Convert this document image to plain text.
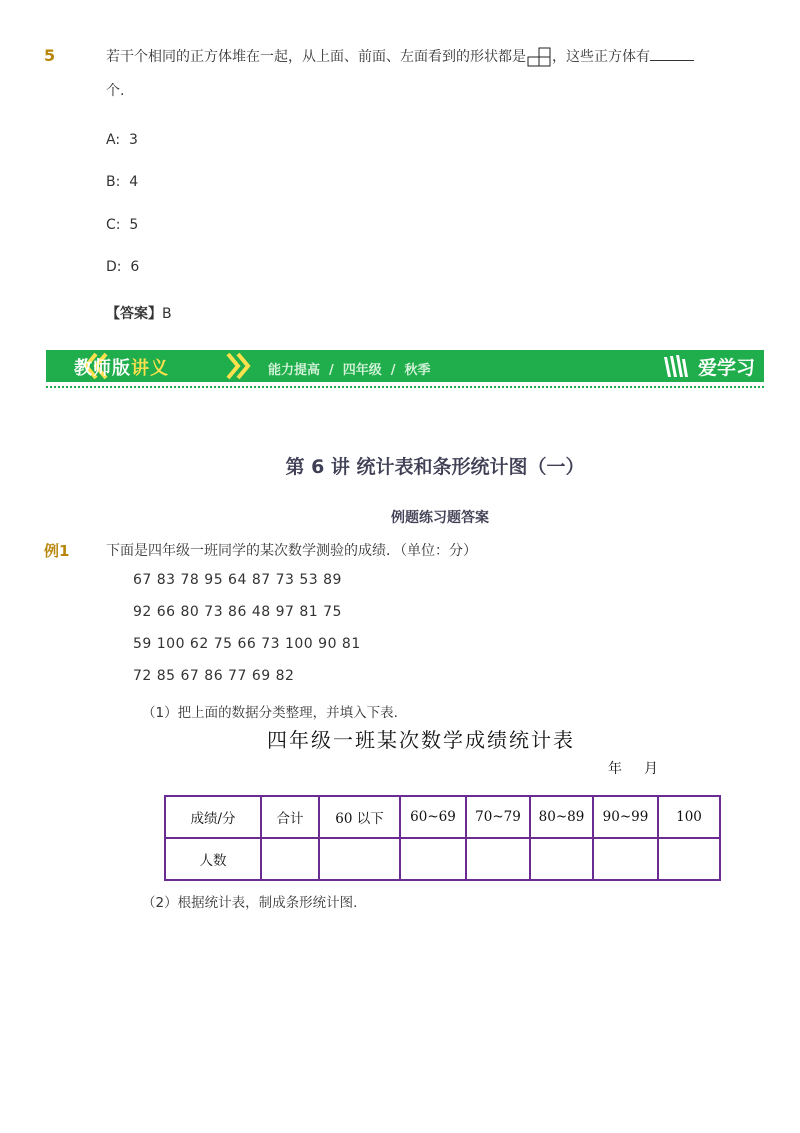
5	若干个相同的正方体堆在一起，从上面、前面、左面看到的形状都是 ，这些正方体有
个.
A: 3
B: 4
C: 5
D: 6
【答案】B
教师版讲义	能力提高 / 四年级 / 秋季	爱学习
第 6 讲 统计表和条形统计图（一）
例题练习题答案
例1	下面是四年级一班同学的某次数学测验的成绩．（单位：分）
67 83 78 95 64 87 73 53 89
92 66 80 73 86 48 97 81 75
59 100 62 75 66 73 100 90 81
72 85 67 86 77 69 82
（1）把上面的数据分类整理，并填入下表.
四年级一班某次数学成绩统计表
年 月
成绩/分	合计	60 以下	60~69	70~79	80~89	90~99	100
人数							
（2）根据统计表，制成条形统计图.
